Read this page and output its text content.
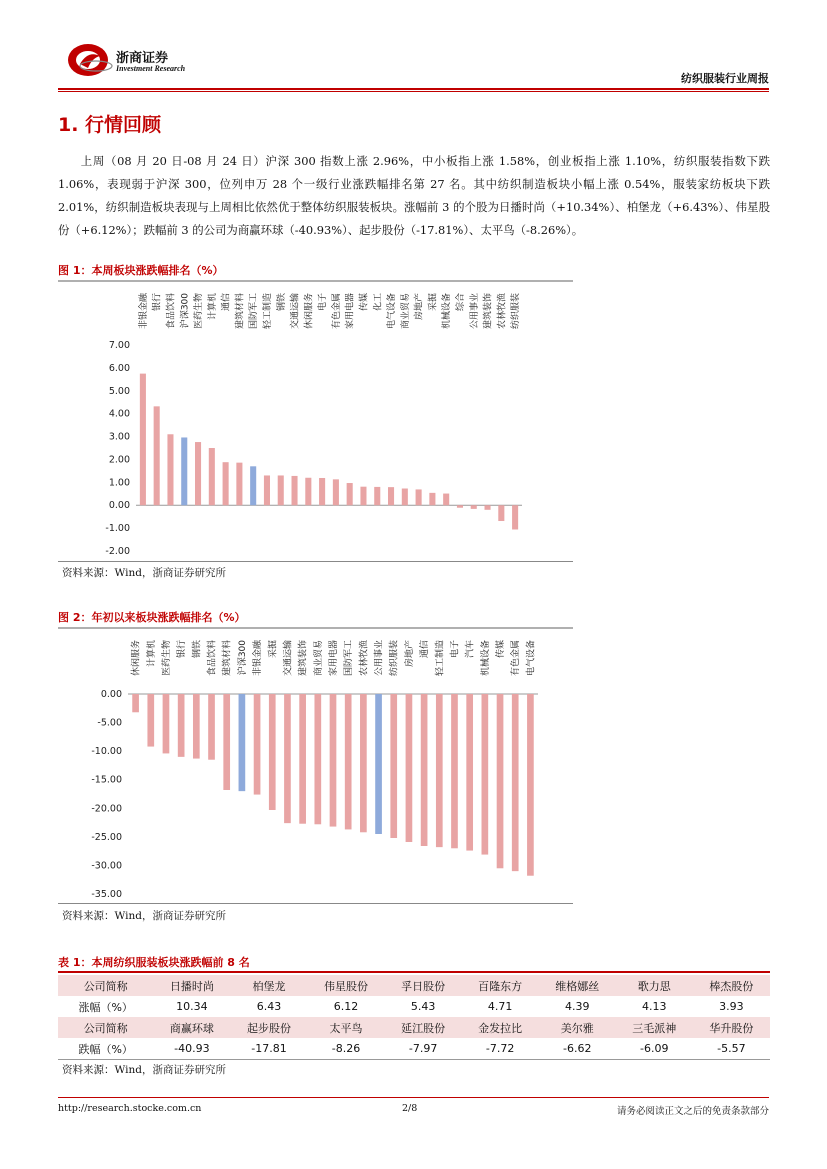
浙商证券
Investment Research
纺织服装行业周报
1. 行情回顾

上周（08 月 20 日-08 月 24 日）沪深 300 指数上涨 2.96%，中小板指上涨 1.58%，创业板指上涨 1.10%，纺织服装指数下跌 1.06%，表现弱于沪深 300，位列申万 28 个一级行业涨跌幅排名第 27 名。其中纺织制造板块小幅上涨 0.54%，服装家纺板块下跌 2.01%，纺织制造板块表现与上周相比依然优于整体纺织服装板块。涨幅前 3 的个股为日播时尚（+10.34%）、柏堡龙（+6.43%）、伟星股份（+6.12%）；跌幅前 3 的公司为商赢环球（-40.93%）、起步股份（-17.81%）、太平鸟（-8.26%）。

图 1：本周板块涨跌幅排名（%）
7.00
6.00
5.00
4.00
3.00
2.00
1.00
0.00
-1.00
-2.00
非银金融 银行 食品饮料 沪深300 医药生物 计算机 通信 建筑材料 国防军工 轻工制造 钢铁 交通运输 休闲服务 电子 有色金属 家用电器 传媒 化工 电气设备 商业贸易 房地产 采掘 机械设备 综合 公用事业 建筑装饰 农林牧渔 纺织服装
资料来源：Wind，浙商证券研究所
图 2：年初以来板块涨跌幅排名（%）
0.00
-5.00
-10.00
-15.00
-20.00
-25.00
-30.00
-35.00
休闲服务 计算机 医药生物 银行 钢铁 食品饮料 建筑材料 沪深300 非银金融 采掘 交通运输 建筑装饰 商业贸易 家用电器 国防军工 农林牧渔 公用事业 纺织服装 房地产 通信 轻工制造 电子 汽车 机械设备 传媒 有色金属 电气设备
资料来源：Wind，浙商证券研究所
表 1：本周纺织服装板块涨跌幅前 8 名
公司简称	日播时尚	柏堡龙	伟星股份	孚日股份	百隆东方	维格娜丝	歌力思	棒杰股份
涨幅（%）	10.34	6.43	6.12	5.43	4.71	4.39	4.13	3.93
公司简称	商赢环球	起步股份	太平鸟	延江股份	金发拉比	美尔雅	三毛派神	华升股份
跌幅（%）	-40.93	-17.81	-8.26	-7.97	-7.72	-6.62	-6.09	-5.57
资料来源：Wind，浙商证券研究所
http://research.stocke.com.cn	2/8	请务必阅读正文之后的免责条款部分
